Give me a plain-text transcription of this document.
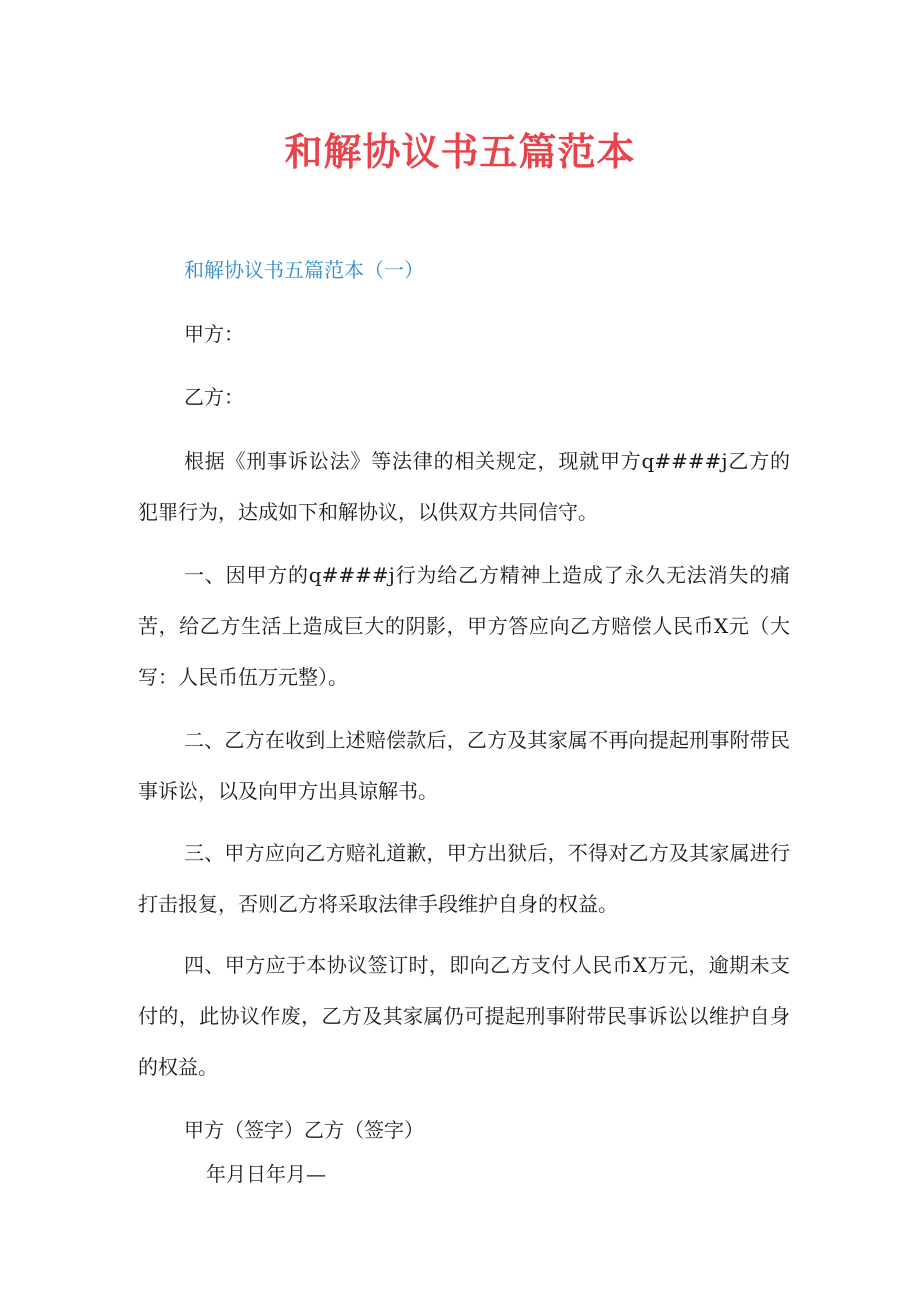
和解协议书五篇范本
和解协议书五篇范本（一）
甲方：
乙方：
根据《刑事诉讼法》等法律的相关规定，现就甲方q####j乙方的犯罪行为，达成如下和解协议，以供双方共同信守。
一、因甲方的q####j行为给乙方精神上造成了永久无法消失的痛苦，给乙方生活上造成巨大的阴影，甲方答应向乙方赔偿人民币X元（大写：人民币伍万元整）。
二、乙方在收到上述赔偿款后，乙方及其家属不再向提起刑事附带民事诉讼，以及向甲方出具谅解书。
三、甲方应向乙方赔礼道歉，甲方出狱后，不得对乙方及其家属进行打击报复，否则乙方将采取法律手段维护自身的权益。
四、甲方应于本协议签订时，即向乙方支付人民币X万元，逾期未支付的，此协议作废，乙方及其家属仍可提起刑事附带民事诉讼以维护自身的权益。
甲方（签字）乙方（签字）
年月日年月—
